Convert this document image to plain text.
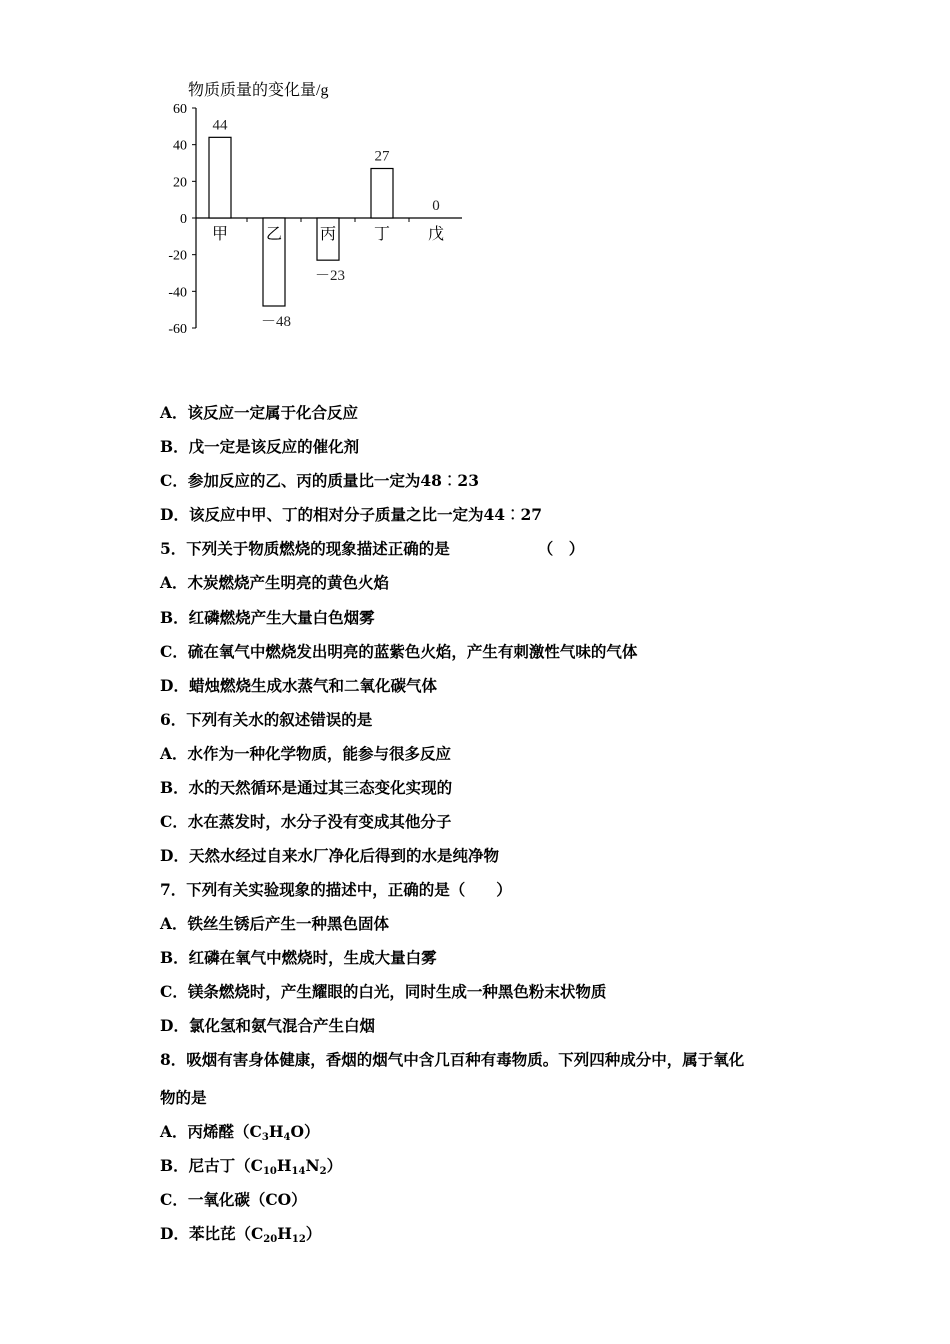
物质质量的变化量/g
60
40
20
0
-20
-40
-60
44
甲
－48
乙
－23
丙
27
丁
0
戊
A．该反应一定属于化合反应
B．戊一定是该反应的催化剂
C．参加反应的乙、丙的质量比一定为48︰23
D．该反应中甲、丁的相对分子质量之比一定为44︰27
5．下列关于物质燃烧的现象描述正确的是	（　）
A．木炭燃烧产生明亮的黄色火焰
B．红磷燃烧产生大量白色烟雾
C．硫在氧气中燃烧发出明亮的蓝紫色火焰，产生有刺激性气味的气体
D．蜡烛燃烧生成水蒸气和二氧化碳气体
6．下列有关水的叙述错误的是
A．水作为一种化学物质，能参与很多反应
B．水的天然循环是通过其三态变化实现的
C．水在蒸发时，水分子没有变成其他分子
D．天然水经过自来水厂净化后得到的水是纯净物
7．下列有关实验现象的描述中，正确的是（　　）
A．铁丝生锈后产生一种黑色固体
B．红磷在氧气中燃烧时，生成大量白雾
C．镁条燃烧时，产生耀眼的白光，同时生成一种黑色粉末状物质
D．氯化氢和氨气混合产生白烟
8．吸烟有害身体健康，香烟的烟气中含几百种有毒物质。下列四种成分中，属于氧化
物的是
A．丙烯醛$(C_3H_4O)$
B．尼古丁$(C_{10}H_{14}N_2)$
C．一氧化碳（CO）
D．苯比芘$(C_{20}H_{12})$
